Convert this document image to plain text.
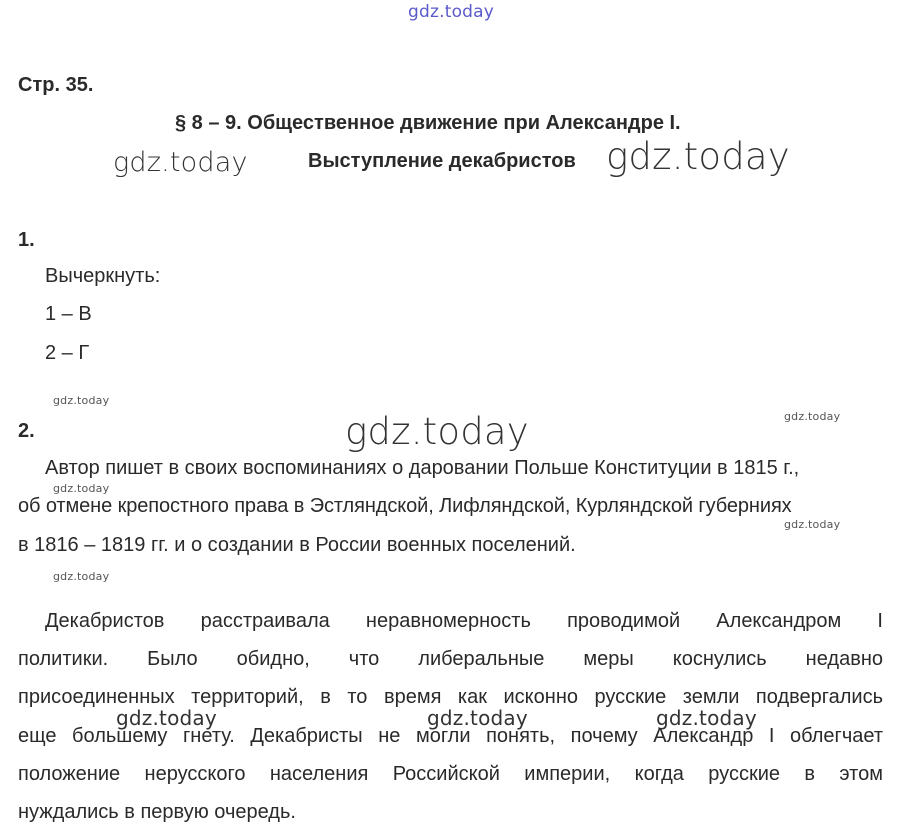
gdz.today
gdz.today	gdz.today
gdz.today
gdz.today
gdz.today
gdz.today
gdz.today
gdz.today
gdz.today	gdz.today	gdz.today
Стр. 35.
§ 8 – 9. Общественное движение при Александре I.
Выступление декабристов
1.
Вычеркнуть:
1 – В
2 – Г
2.
Автор пишет в своих воспоминаниях о даровании Польше Конституции в 1815 г.,
об отмене крепостного права в Эстляндской, Лифляндской, Курляндской губерниях
в 1816 – 1819 гг. и о создании в России военных поселений.
Декабристов расстраивала неравномерность проводимой Александром I
политики. Было обидно, что либеральные меры коснулись недавно
присоединенных территорий, в то время как исконно русские земли подвергались
еще большему гнету. Декабристы не могли понять, почему Александр I облегчает
положение нерусского населения Российской империи, когда русские в этом
нуждались в первую очередь.
